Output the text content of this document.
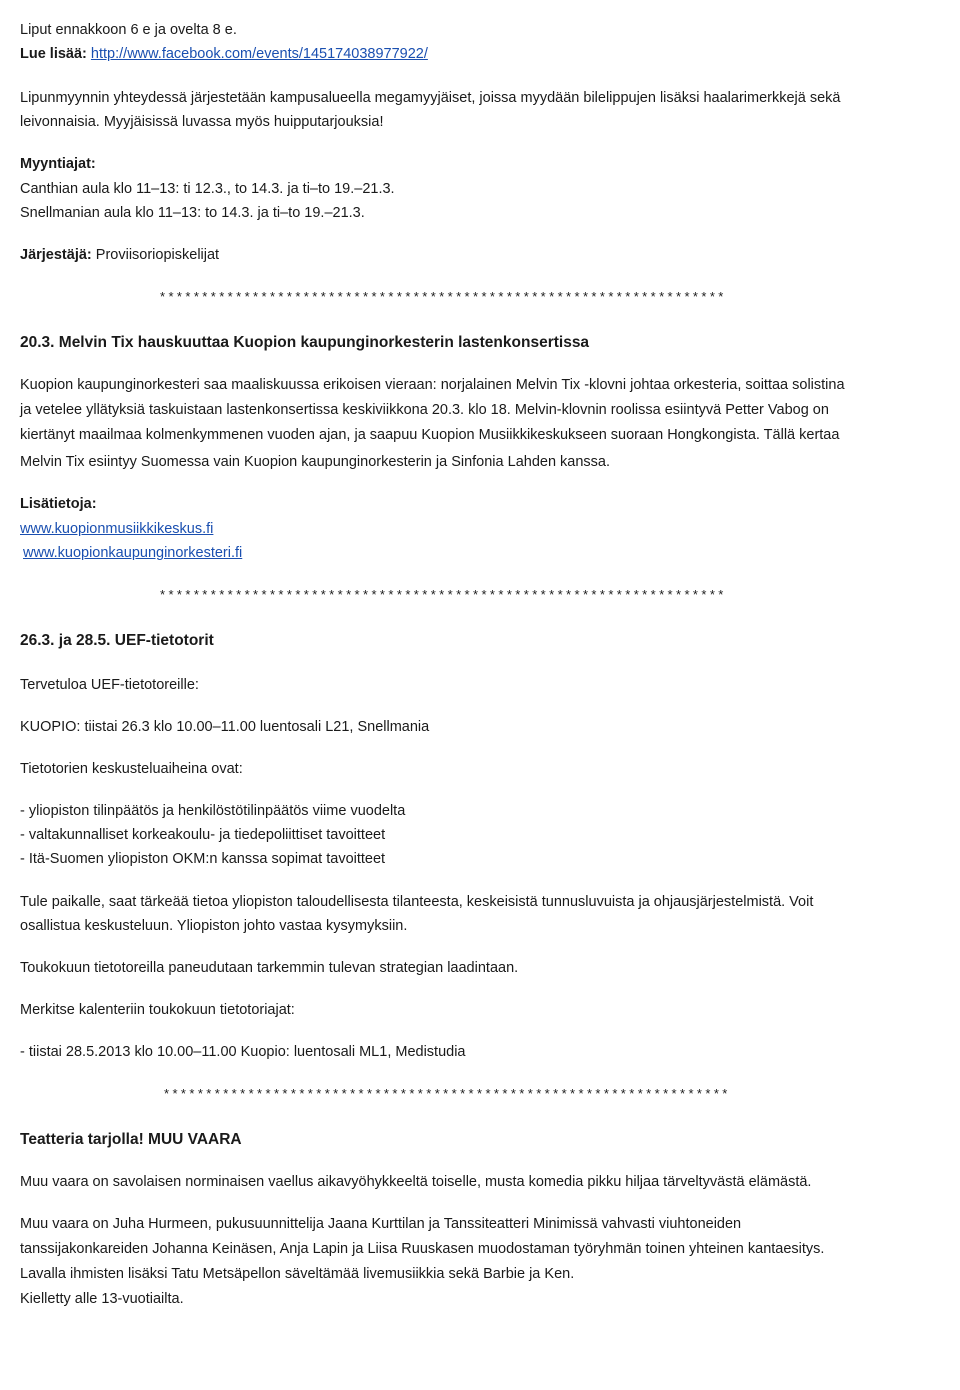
Liput ennakkoon 6 e ja ovelta 8 e.
Lue lisää: http://www.facebook.com/events/145174038977922/
Lipunmyynnin yhteydessä järjestetään kampusalueella megamyyjäiset, joissa myydään bilelippujen lisäksi haalarimerkkejä sekä
leivonnaisia. Myyjäisissä luvassa myös huipputarjouksia!
Myyntiajat:
Canthian aula klo 11–13: ti 12.3., to 14.3. ja ti–to 19.–21.3.
Snellmanian aula klo 11–13: to 14.3. ja ti–to 19.–21.3.
Järjestäjä: Proviisoriopiskelijat
*******************************************************************
20.3. Melvin Tix hauskuuttaa Kuopion kaupunginorkesterin lastenkonsertissa
Kuopion kaupunginorkesteri saa maaliskuussa erikoisen vieraan: norjalainen Melvin Tix -klovni johtaa orkesteria, soittaa solistina
ja vetelee yllätyksiä taskuistaan lastenkonsertissa keskiviikkona 20.3. klo 18. Melvin-klovnin roolissa esiintyvä Petter Vabog on
kiertänyt maailmaa kolmenkymmenen vuoden ajan, ja saapuu Kuopion Musiikkikeskukseen suoraan Hongkongista. Tällä kertaa
Melvin Tix esiintyy Suomessa vain Kuopion kaupunginorkesterin ja Sinfonia Lahden kanssa.
Lisätietoja:
www.kuopionmusiikkikeskus.fi
www.kuopionkaupunginorkesteri.fi
*******************************************************************
26.3. ja 28.5. UEF-tietotorit
Tervetuloa UEF-tietotoreille:
KUOPIO: tiistai 26.3 klo 10.00–11.00 luentosali L21, Snellmania
Tietotorien keskusteluaiheina ovat:
- yliopiston tilinpäätös ja henkilöstötilinpäätös viime vuodelta
- valtakunnalliset korkeakoulu- ja tiedepoliittiset tavoitteet
- Itä-Suomen yliopiston OKM:n kanssa sopimat tavoitteet
Tule paikalle, saat tärkeää tietoa yliopiston taloudellisesta tilanteesta, keskeisistä tunnusluvuista ja ohjausjärjestelmistä. Voit
osallistua keskusteluun. Yliopiston johto vastaa kysymyksiin.
Toukokuun tietotoreilla paneudutaan tarkemmin tulevan strategian laadintaan.
Merkitse kalenteriin toukokuun tietotoriajat:
- tiistai 28.5.2013 klo 10.00–11.00 Kuopio: luentosali ML1, Medistudia
*******************************************************************
Teatteria tarjolla! MUU VAARA
Muu vaara on savolaisen norminaisen vaellus aikavyöhykkeeltä toiselle, musta komedia pikku hiljaa tärveltyvästä elämästä.
Muu vaara on Juha Hurmeen, pukusuunnittelija Jaana Kurttilan ja Tanssiteatteri Minimissä vahvasti viuhtoneiden
tanssijakonkareiden Johanna Keinäsen, Anja Lapin ja Liisa Ruuskasen muodostaman työryhmän toinen yhteinen kantaesitys.
Lavalla ihmisten lisäksi Tatu Metsäpellon säveltämää livemusiikkia sekä Barbie ja Ken.
Kielletty alle 13-vuotiailta.
